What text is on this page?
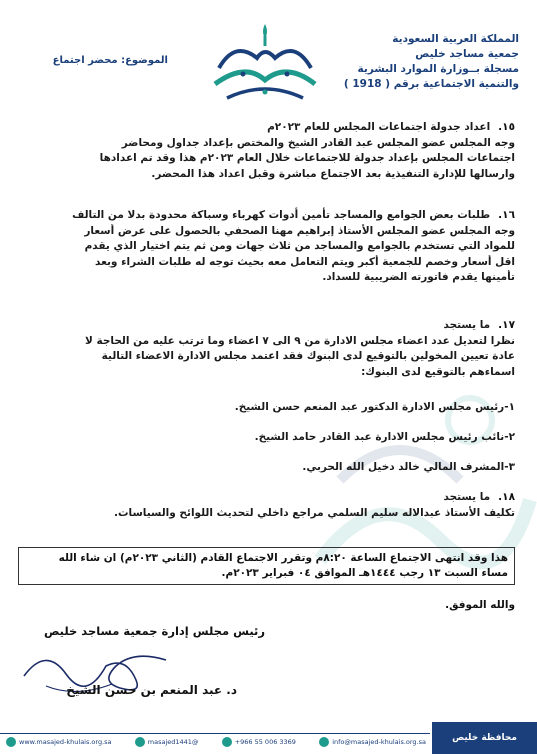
المملكة العربية السعودية
جمعية مساجد خليص
مسجلة بــوزارة الموارد البشرية
والتنمية الاجتماعية برقم ( 1918 )
الموضوع: محضر اجتماع
١٥.
اعداد جدولة اجتماعات المجلس للعام ٢٠٢٣م
وجه المجلس عضو المجلس عبد القادر الشيخ والمختص بإعداد جداول ومحاضر
اجتماعات المجلس بإعداد جدولة للاجتماعات خلال العام ٢٠٢٣م هذا وقد تم اعدادها
وارسالها للإدارة التنفيذية بعد الاجتماع مباشرة وقبل اعداد هذا المحضر.
١٦.
طلبات بعض الجوامع والمساجد تأمين أدوات كهرباء وسباكة محدودة بدلا من التالف
وجه المجلس عضو المجلس الأستاذ إبراهيم مهنا الصحفي بالحصول على عرض أسعار
للمواد التي تستخدم بالجوامع والمساجد من ثلاث جهات ومن ثم يتم اختيار الذي يقدم
اقل أسعار وخصم للجمعية أكبر ويتم التعامل معه بحيث توجه له طلبات الشراء وبعد
تأمينها يقدم فاتورته الضريبية للسداد.
١٧.
ما يستجد
نظرا لتعديل عدد اعضاء مجلس الادارة من ٩ الى ٧ اعضاء وما ترتب عليه من الحاجة لا
عادة تعيين المخولين بالتوقيع لدى البنوك فقد اعتمد مجلس الادارة الاعضاء التالية
اسماءهم بالتوقيع لدى البنوك:
١-رئيس مجلس الادارة الدكتور عبد المنعم حسن الشيخ.
٢-نائب رئيس مجلس الادارة عبد القادر حامد الشيخ.
٣-المشرف المالي خالد دخيل الله الحربي.
١٨.
ما يستجد
تكليف الأستاذ عبدالاله سليم السلمي مراجع داخلي لتحديث اللوائح والسياسات.
هذا وقد انتهى الاجتماع الساعة ٨:٢٠م وتقرر الاجتماع القادم (الثاني ٢٠٢٣م) ان شاء الله
مساء السبت ١٣ رجب ١٤٤٤هـ الموافق ٠٤ فبراير ٢٠٢٣م.
والله الموفق.
رئيس مجلس إدارة جمعية مساجد خليص
د. عبد المنعم بن حسن الشيخ
www.masajed-khulais.org.sa	masajed1441@	+966 55 006 3369	info@masajed-khulais.org.sa	محافظة خليص
